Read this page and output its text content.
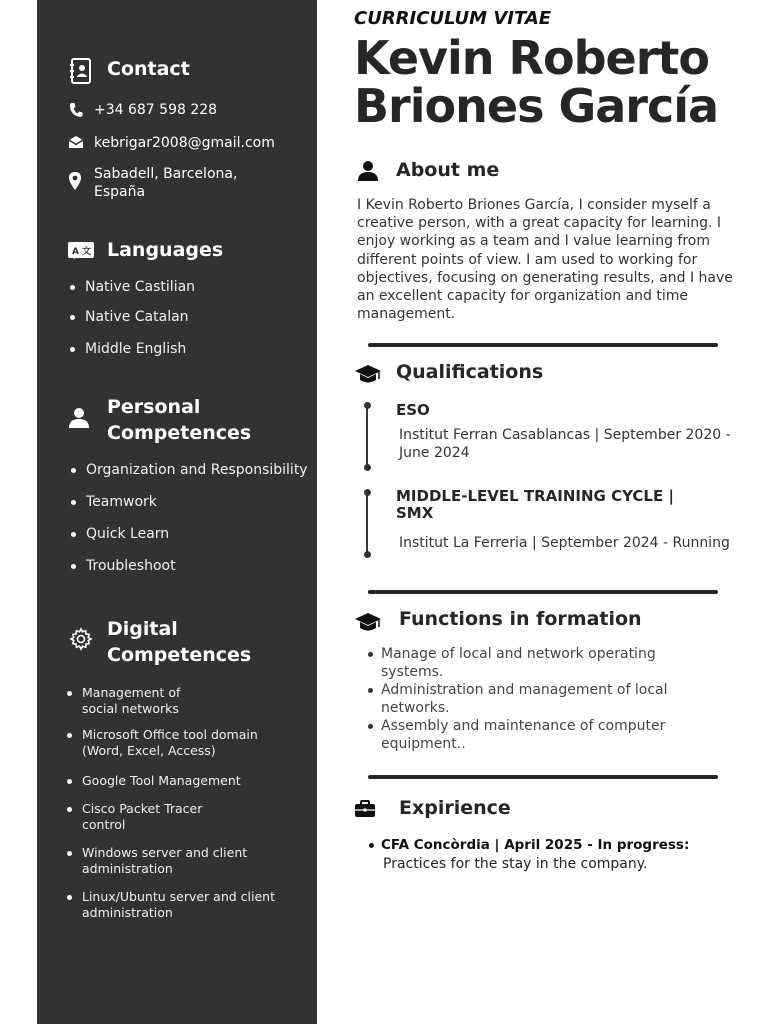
Contact
+34 687 598 228
kebrigar2008@gmail.com
Sabadell, Barcelona,
España
A 文 Languages
Native Castilian
Native Catalan
Middle English
Personal
Competences
Organization and Responsibility
Teamwork
Quick Learn
Troubleshoot
Digital
Competences
Management of
social networks
Microsoft Office tool domain
(Word, Excel, Access)
Google Tool Management
Cisco Packet Tracer
control
Windows server and client
administration
Linux/Ubuntu server and client
administration
CURRICULUM VITAE
Kevin Roberto
Briones García
About me
I Kevin Roberto Briones García, I consider myself a
creative person, with a great capacity for learning. I
enjoy working as a team and I value learning from
different points of view. I am used to working for
objectives, focusing on generating results, and I have
an excellent capacity for organization and time
management.
Qualifications
ESO
Institut Ferran Casablancas | September 2020 -
June 2024
MIDDLE-LEVEL TRAINING CYCLE |
SMX
Institut La Ferreria | September 2024 - Running
Functions in formation
Manage of local and network operating
systems.
Administration and management of local
networks.
Assembly and maintenance of computer
equipment..
Expirience
CFA Concòrdia | April 2025 - In progress:
Practices for the stay in the company.
